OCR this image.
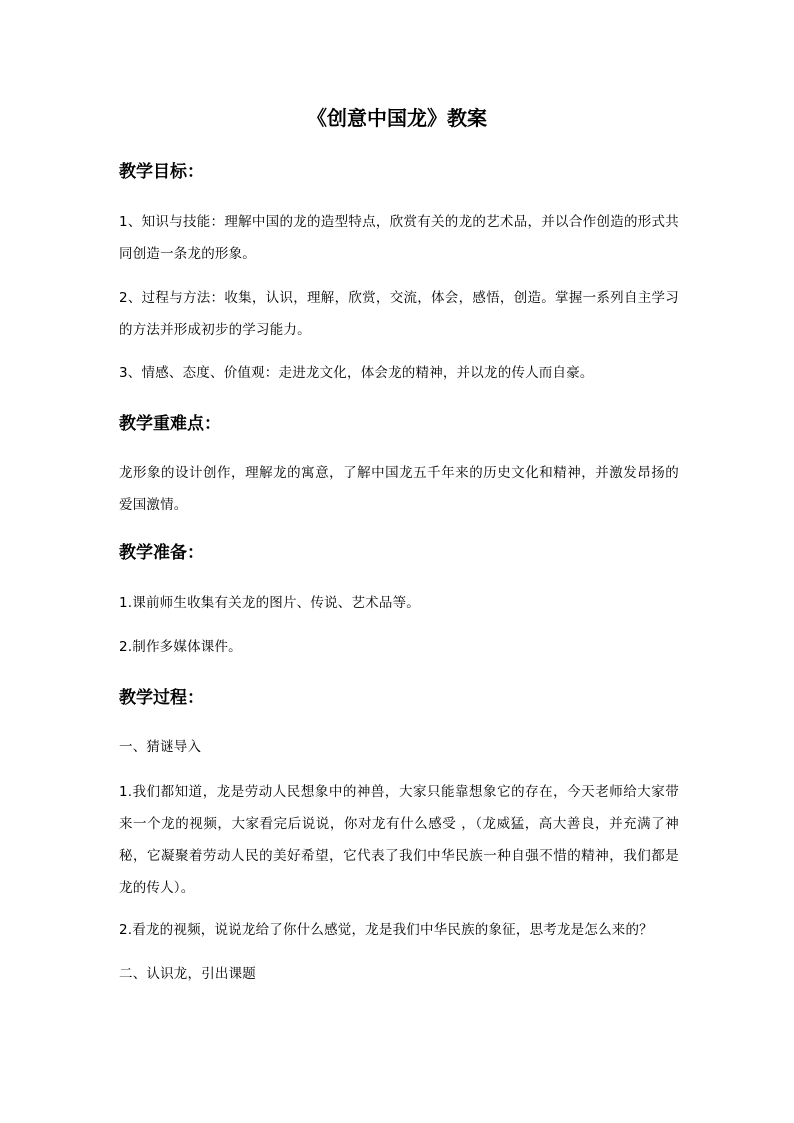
《创意中国龙》教案
教学目标：

1、知识与技能：理解中国的龙的造型特点，欣赏有关的龙的艺术品，并以合作创造的形式共同创造一条龙的形象。

2、过程与方法：收集，认识，理解，欣赏，交流，体会，感悟，创造。掌握一系列自主学习的方法并形成初步的学习能力。

3、情感、态度、价值观：走进龙文化，体会龙的精神，并以龙的传人而自豪。

教学重难点：

龙形象的设计创作，理解龙的寓意，了解中国龙五千年来的历史文化和精神，并激发昂扬的爱国激情。

教学准备：

1.课前师生收集有关龙的图片、传说、艺术品等。

2.制作多媒体课件。

教学过程：

一、猜谜导入

1.我们都知道，龙是劳动人民想象中的神兽，大家只能靠想象它的存在，今天老师给大家带来一个龙的视频，大家看完后说说，你对龙有什么感受 ，（龙威猛，高大善良，并充满了神秘，它凝聚着劳动人民的美好希望，它代表了我们中华民族一种自强不惜的精神，我们都是龙的传人）。

2.看龙的视频，说说龙给了你什么感觉，龙是我们中华民族的象征，思考龙是怎么来的？

二、认识龙，引出课题
